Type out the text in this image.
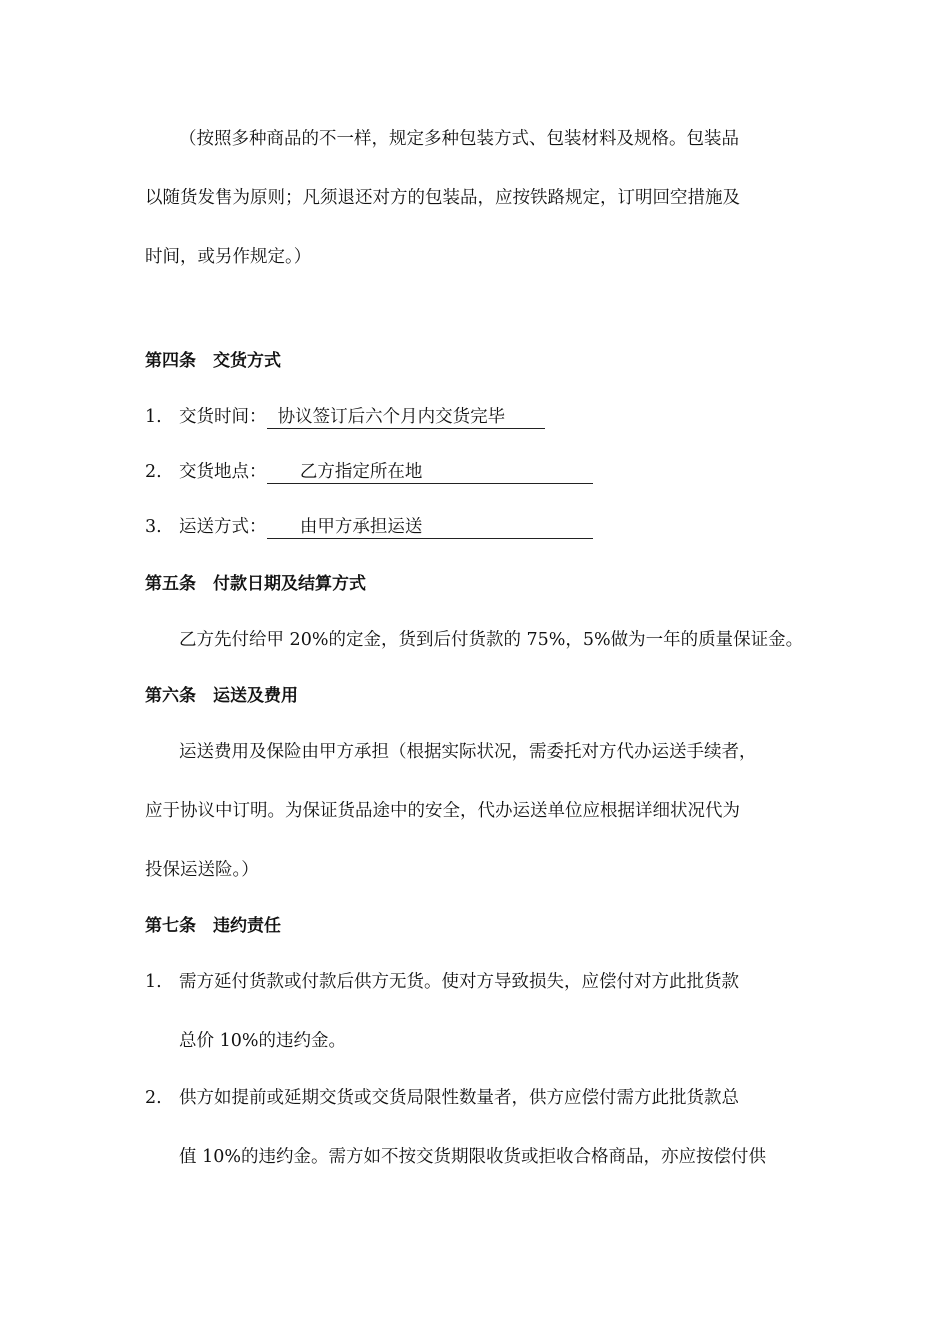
（按照多种商品的不一样，规定多种包装方式、包装材料及规格。包装品
以随货发售为原则；凡须退还对方的包装品，应按铁路规定，订明回空措施及
时间，或另作规定。）
第四条　交货方式
1. 交货时间： 协议签订后六个月内交货完毕
2. 交货地点： 乙方指定所在地
3. 运送方式： 由甲方承担运送
第五条　付款日期及结算方式
乙方先付给甲 20%的定金，货到后付货款的 75%，5%做为一年的质量保证金。
第六条　运送及费用
运送费用及保险由甲方承担（根据实际状况，需委托对方代办运送手续者，
应于协议中订明。为保证货品途中的安全，代办运送单位应根据详细状况代为
投保运送险。）
第七条　违约责任
1. 需方延付货款或付款后供方无货。使对方导致损失，应偿付对方此批货款
总价 10%的违约金。
2. 供方如提前或延期交货或交货局限性数量者，供方应偿付需方此批货款总
值 10%的违约金。需方如不按交货期限收货或拒收合格商品，亦应按偿付供
